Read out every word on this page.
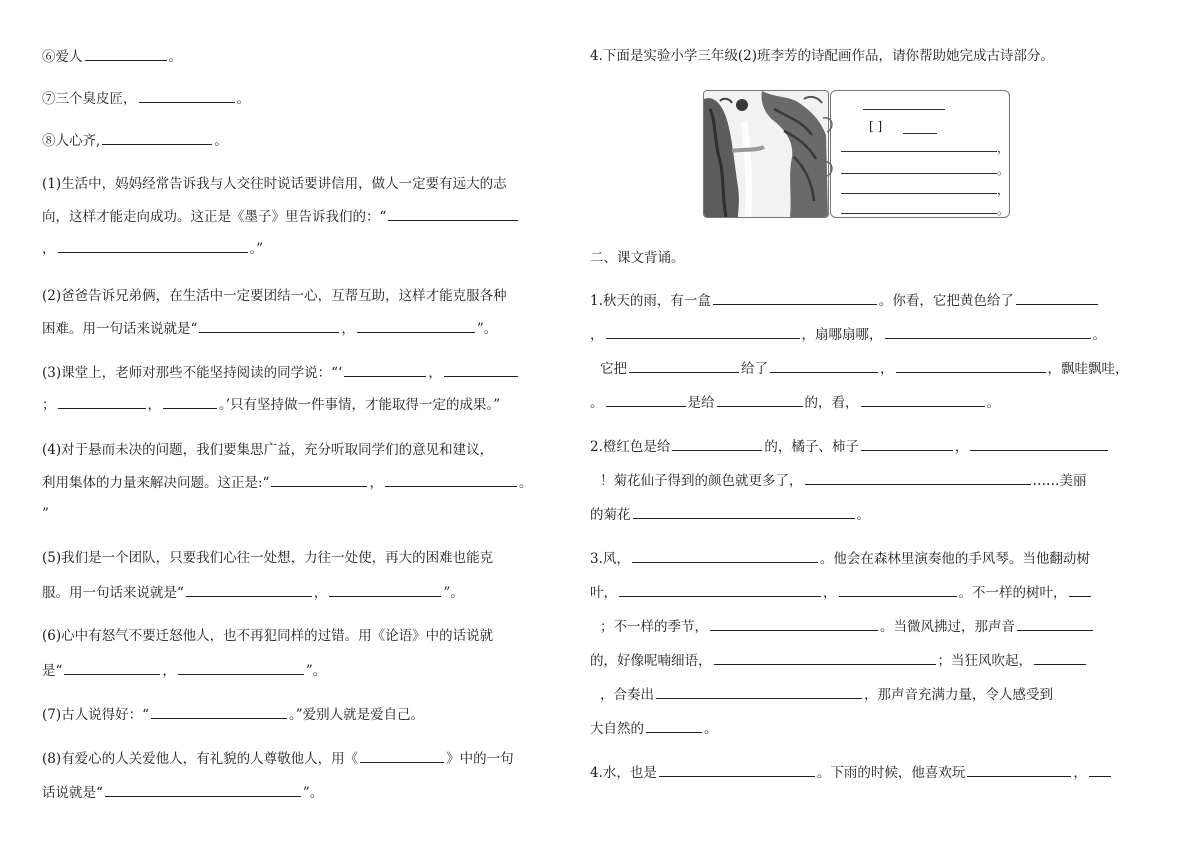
⑥爱人	。
⑦三个臭皮匠，	。
⑧人心齐,	。
(1)生活中，妈妈经常告诉我与人交往时说话要讲信用，做人一定要有远大的志
向，这样才能走向成功。这正是《墨子》里告诉我们的：“
，	。”
(2)爸爸告诉兄弟俩，在生活中一定要团结一心，互帮互助，这样才能克服各种
困难。用一句话来说就是“	，	”。
(3)课堂上，老师对那些不能坚持阅读的同学说：“‘	，
；	，	。’只有坚持做一件事情，才能取得一定的成果。”
(4)对于悬而未决的问题，我们要集思广益，充分听取同学们的意见和建议，
利用集体的力量来解决问题。这正是:“	，	。
”
(5)我们是一个团队，只要我们心往一处想，力往一处使，再大的困难也能克
服。用一句话来说就是“	，	”。
(6)心中有怒气不要迁怒他人，也不再犯同样的过错。用《论语》中的话说就
是“	，	”。
(7)古人说得好：“	。”爱别人就是爱自己。
(8)有爱心的人关爱他人，有礼貌的人尊敬他人，用《	》中的一句
话说就是“	”。
4.下面是实验小学三年级(2)班李芳的诗配画作品，请你帮助她完成古诗部分。
[ ]
，
。
，
。
二、课文背诵。
1.秋天的雨，有一盒	。你看，它把黄色给了
，	，扇哪扇哪，	。
它把	给了	，	，飘哇飘哇，
。	是给	的，看，	。
2.橙红色是给	的，橘子、柿子	，
！菊花仙子得到的颜色就更多了，	……美丽
的菊花	。
3.风，	。他会在森林里演奏他的手风琴。当他翻动树
叶，	，	。不一样的树叶，
；不一样的季节，	。当微风拂过，那声音
的，好像呢喃细语，	；当狂风吹起，
，合奏出	，那声音充满力量，令人感受到
大自然的	。
4.水，也是	。下雨的时候，他喜欢玩	，
